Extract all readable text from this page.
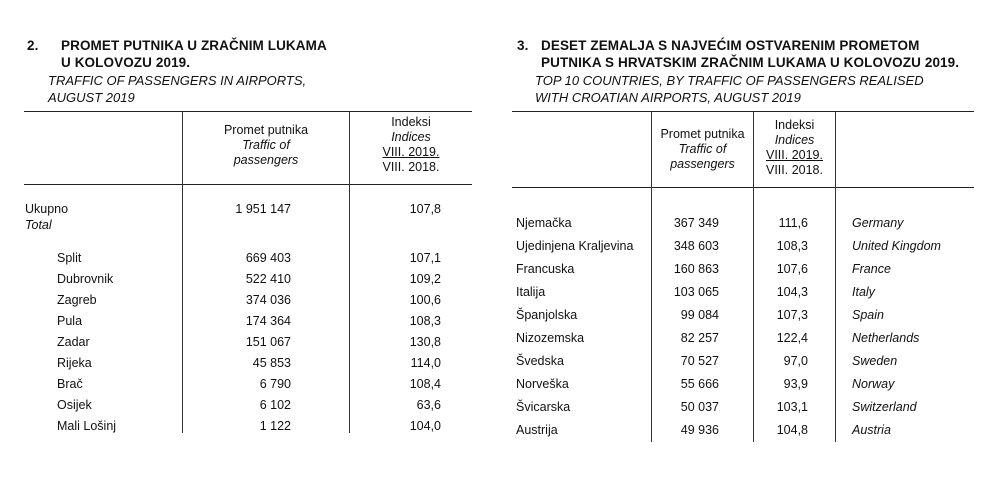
2. PROMET PUTNIKA U ZRAČNIM LUKAMA
U KOLOVOZU 2019.
TRAFFIC OF PASSENGERS IN AIRPORTS,
AUGUST 2019
Promet putnika
Traffic of
passengers
Indeksi
Indices
VIII. 2019.
VIII. 2018.
Ukupno	1 951 147	107,8
Total
Split	669 403	107,1
Dubrovnik	522 410	109,2
Zagreb	374 036	100,6
Pula	174 364	108,3
Zadar	151 067	130,8
Rijeka	45 853	114,0
Brač	6 790	108,4
Osijek	6 102	63,6
Mali Lošinj	1 122	104,0
3. DESET ZEMALJA S NAJVEĆIM OSTVARENIM PROMETOM
PUTNIKA S HRVATSKIM ZRAČNIM LUKAMA U KOLOVOZU 2019.
TOP 10 COUNTRIES, BY TRAFFIC OF PASSENGERS REALISED
WITH CROATIAN AIRPORTS, AUGUST 2019
Promet putnika
Traffic of
passengers
Indeksi
Indices
VIII. 2019.
VIII. 2018.
Njemačka	367 349	111,6	Germany
Ujedinjena Kraljevina	348 603	108,3	United Kingdom
Francuska	160 863	107,6	France
Italija	103 065	104,3	Italy
Španjolska	99 084	107,3	Spain
Nizozemska	82 257	122,4	Netherlands
Švedska	70 527	97,0	Sweden
Norveška	55 666	93,9	Norway
Švicarska	50 037	103,1	Switzerland
Austrija	49 936	104,8	Austria
